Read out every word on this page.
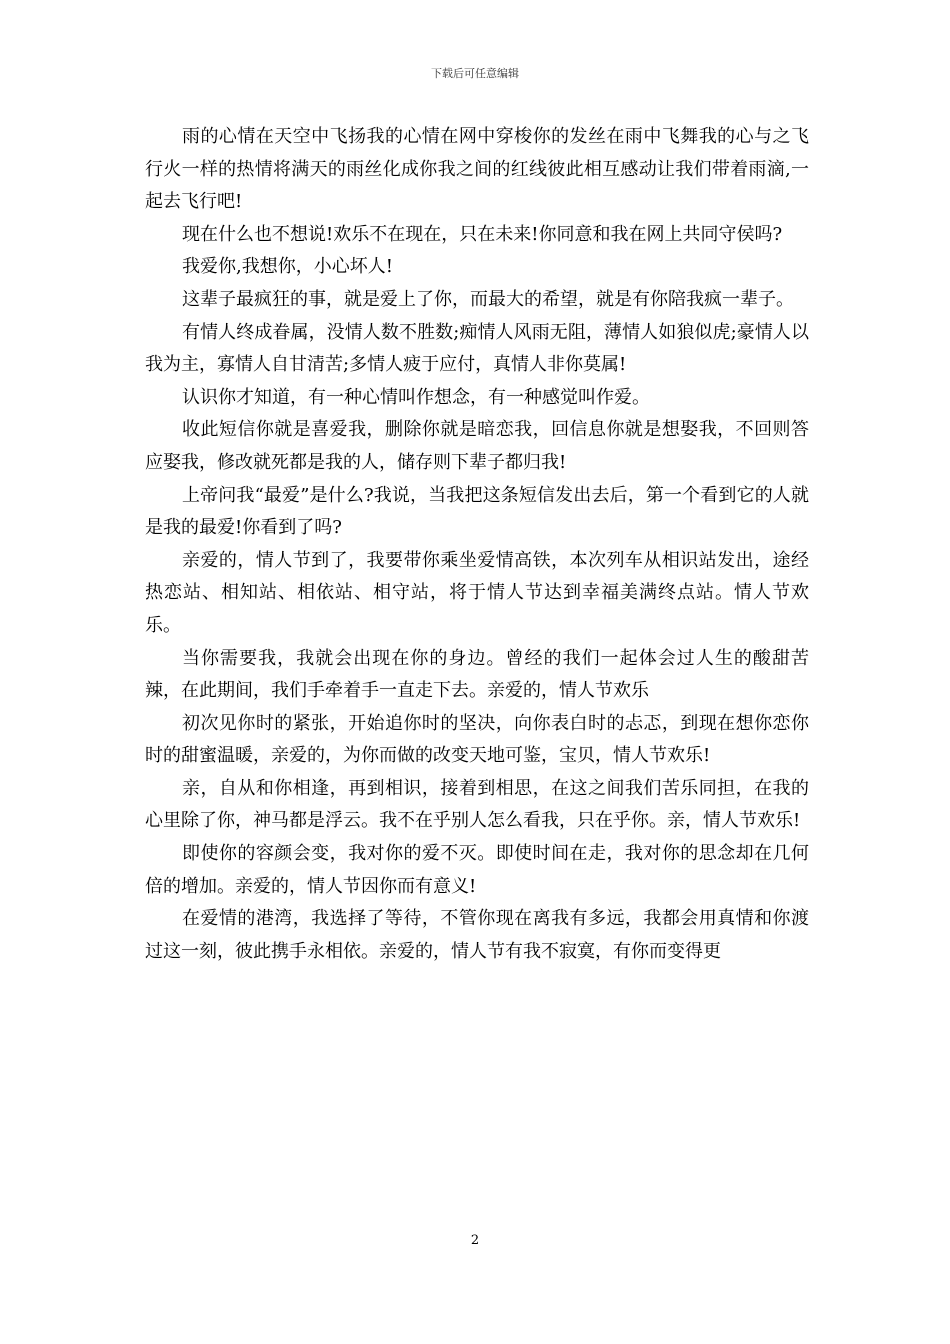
下载后可任意编辑

雨的心情在天空中飞扬我的心情在网中穿梭你的发丝在雨中飞舞我的心与之飞行火一样的热情将满天的雨丝化成你我之间的红线彼此相互感动让我们带着雨滴,一起去飞行吧!

现在什么也不想说!欢乐不在现在，只在未来!你同意和我在网上共同守侯吗?

我爱你,我想你，小心坏人!

这辈子最疯狂的事，就是爱上了你，而最大的希望，就是有你陪我疯一辈子。

有情人终成眷属，没情人数不胜数;痴情人风雨无阻，薄情人如狼似虎;豪情人以我为主，寡情人自甘清苦;多情人疲于应付，真情人非你莫属!

认识你才知道，有一种心情叫作想念，有一种感觉叫作爱。

收此短信你就是喜爱我，删除你就是暗恋我，回信息你就是想娶我，不回则答应娶我，修改就死都是我的人，储存则下辈子都归我!

上帝问我“最爱”是什么?我说，当我把这条短信发出去后，第一个看到它的人就是我的最爱!你看到了吗?

亲爱的，情人节到了，我要带你乘坐爱情高铁，本次列车从相识站发出，途经热恋站、相知站、相依站、相守站，将于情人节达到幸福美满终点站。情人节欢乐。

当你需要我，我就会出现在你的身边。曾经的我们一起体会过人生的酸甜苦辣，在此期间，我们手牵着手一直走下去。亲爱的，情人节欢乐

初次见你时的紧张，开始追你时的坚决，向你表白时的忐忑，到现在想你恋你时的甜蜜温暖，亲爱的，为你而做的改变天地可鉴，宝贝，情人节欢乐!

亲，自从和你相逢，再到相识，接着到相思，在这之间我们苦乐同担，在我的心里除了你，神马都是浮云。我不在乎别人怎么看我，只在乎你。亲，情人节欢乐!

即使你的容颜会变，我对你的爱不灭。即使时间在走，我对你的思念却在几何倍的增加。亲爱的，情人节因你而有意义!

在爱情的港湾，我选择了等待，不管你现在离我有多远，我都会用真情和你渡过这一刻，彼此携手永相依。亲爱的，情人节有我不寂寞，有你而变得更

2
